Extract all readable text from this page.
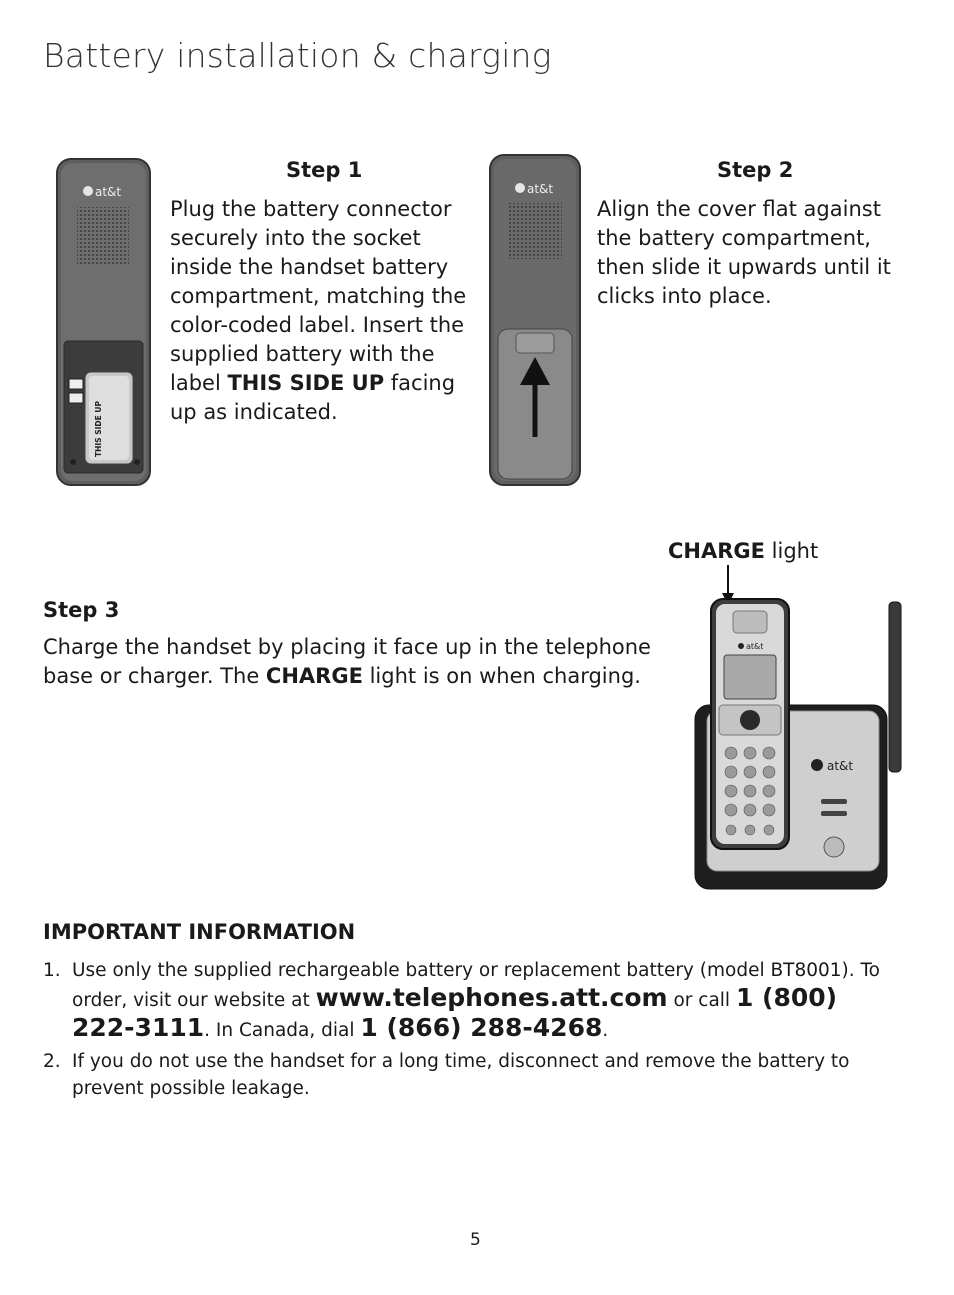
Battery installation & charging
at&t
THIS SIDE UP
Step 1
Plug the battery connector securely into the socket inside the handset battery compartment, matching the color-coded label. Insert the supplied battery with the label THIS SIDE UP facing up as indicated.
at&t
Step 2
Align the cover flat against the battery compartment, then slide it upwards until it clicks into place.
CHARGE light
Step 3
Charge the handset by placing it face up in the telephone base or charger. The CHARGE light is on when charging.
at&t
at&t
IMPORTANT INFORMATION
1. Use only the supplied rechargeable battery or replacement battery (model BT8001). To order, visit our website at www.telephones.att.com or call 1 (800) 222-3111. In Canada, dial 1 (866) 288-4268.
2. If you do not use the handset for a long time, disconnect and remove the battery to prevent possible leakage.
5
